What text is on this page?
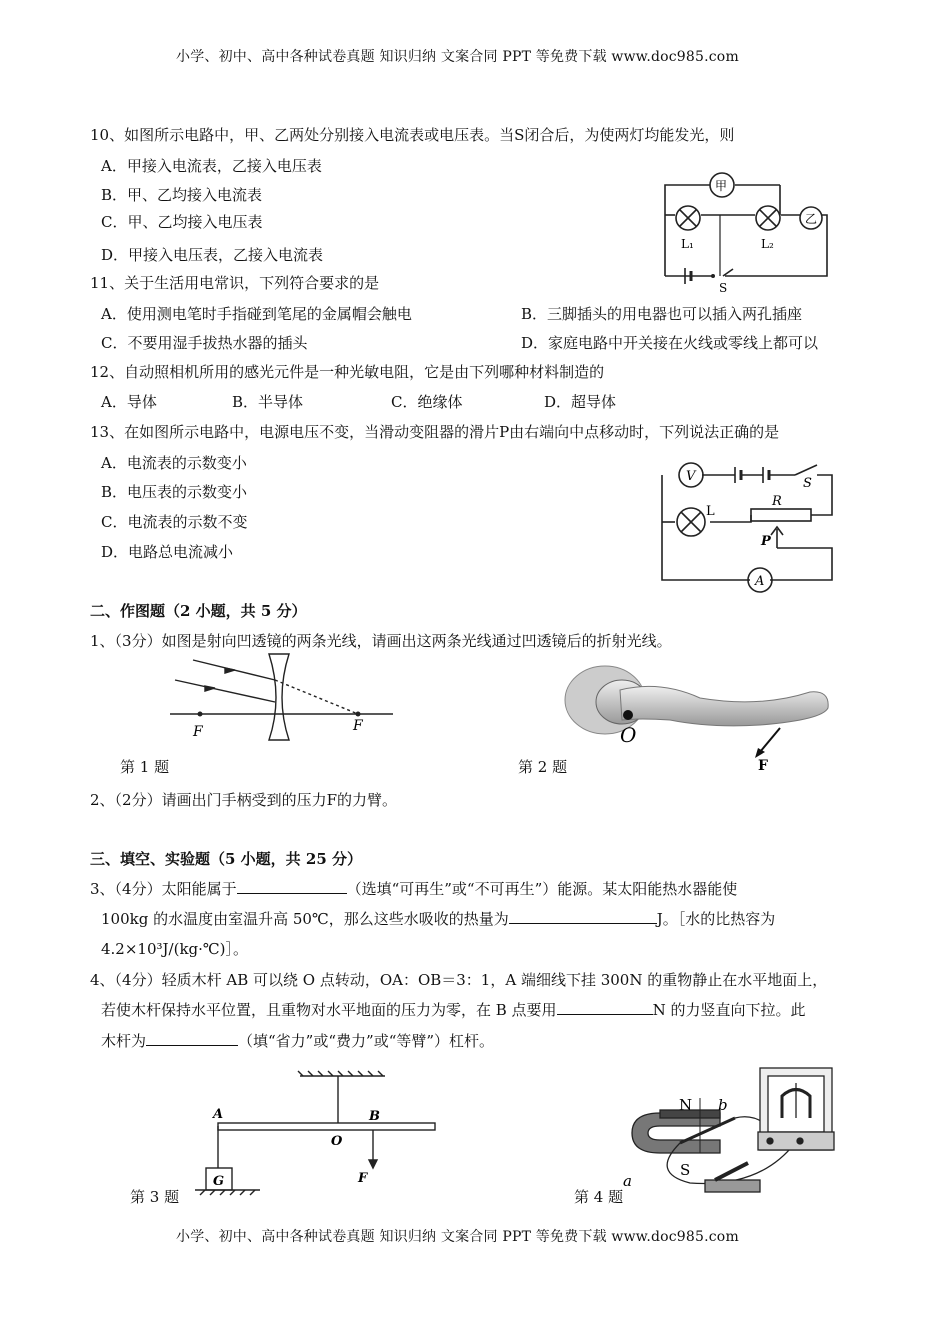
小学、初中、高中各种试卷真题 知识归纳 文案合同 PPT 等免费下载 www.doc985.com
10、如图所示电路中，甲、乙两处分别接入电流表或电压表。当S闭合后，为使两灯均能发光，则
A．甲接入电流表，乙接入电压表
B．甲、乙均接入电流表
C．甲、乙均接入电压表
D．甲接入电压表，乙接入电流表
甲
乙
L₁	L₂
S
11、关于生活用电常识，下列符合要求的是
A．使用测电笔时手指碰到笔尾的金属帽会触电	B．三脚插头的用电器也可以插入两孔插座
C．不要用湿手拔热水器的插头	D．家庭电路中开关接在火线或零线上都可以
12、自动照相机所用的感光元件是一种光敏电阻，它是由下列哪种材料制造的
A．导体	B．半导体	C．绝缘体	D．超导体
13、在如图所示电路中，电源电压不变，当滑动变阻器的滑片P由右端向中点移动时，下列说法正确的是
A．电流表的示数变小
B．电压表的示数变小
C．电流表的示数不变
D．电路总电流减小
V
L
R
P
S
A
二、作图题（2 小题，共 5 分）
1、（3分）如图是射向凹透镜的两条光线，请画出这两条光线通过凹透镜后的折射光线。
F	F	O
F
第 1 题	第 2 题
2、（2分）请画出门手柄受到的压力F的力臂。
三、填空、实验题（5 小题，共 25 分）
3、（4分）太阳能属于	（选填“可再生”或“不可再生”）能源。某太阳能热水器能使
100kg 的水温度由室温升高 50℃，那么这些水吸收的热量为	J。［水的比热容为
4.2×10³J/(kg·℃)］。
4、（4分）轻质木杆 AB 可以绕 O 点转动，OA：OB＝3：1，A 端细线下挂 300N 的重物静止在水平地面上，
若使木杆保持水平位置，且重物对水平地面的压力为零，在 B 点要用	N 的力竖直向下拉。此
木杆为	（填“省力”或“费力”或“等臂”）杠杆。
A
O
B
G	F
N
S
a
b
第 3 题	第 4 题
小学、初中、高中各种试卷真题 知识归纳 文案合同 PPT 等免费下载 www.doc985.com
